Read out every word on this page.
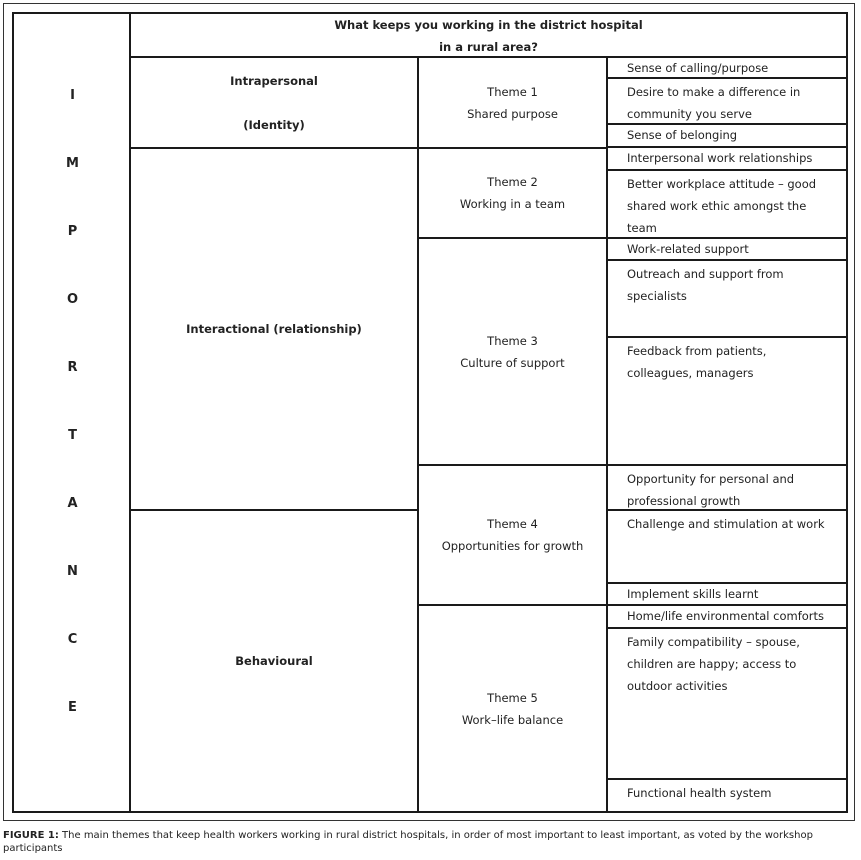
I
M
P
O
R
T
A
N
C
E
What keeps you working in the district hospital
in a rural area?
Intrapersonal
(Identity)
Interactional (relationship)
Behavioural
Theme 1
Shared purpose
Theme 2
Working in a team
Theme 3
Culture of support
Theme 4
Opportunities for growth
Theme 5
Work–life balance
Sense of calling/purpose
Desire to make a difference in
community you serve
Sense of belonging
Interpersonal work relationships
Better workplace attitude – good
shared work ethic amongst the
team
Work-related support
Outreach and support from
specialists
Feedback from patients,
colleagues, managers
Opportunity for personal and
professional growth
Challenge and stimulation at work
Implement skills learnt
Home/life environmental comforts
Family compatibility – spouse,
children are happy; access to
outdoor activities
Functional health system
FIGURE 1: The main themes that keep health workers working in rural district hospitals, in order of most important to least important, as voted by the workshop participants
